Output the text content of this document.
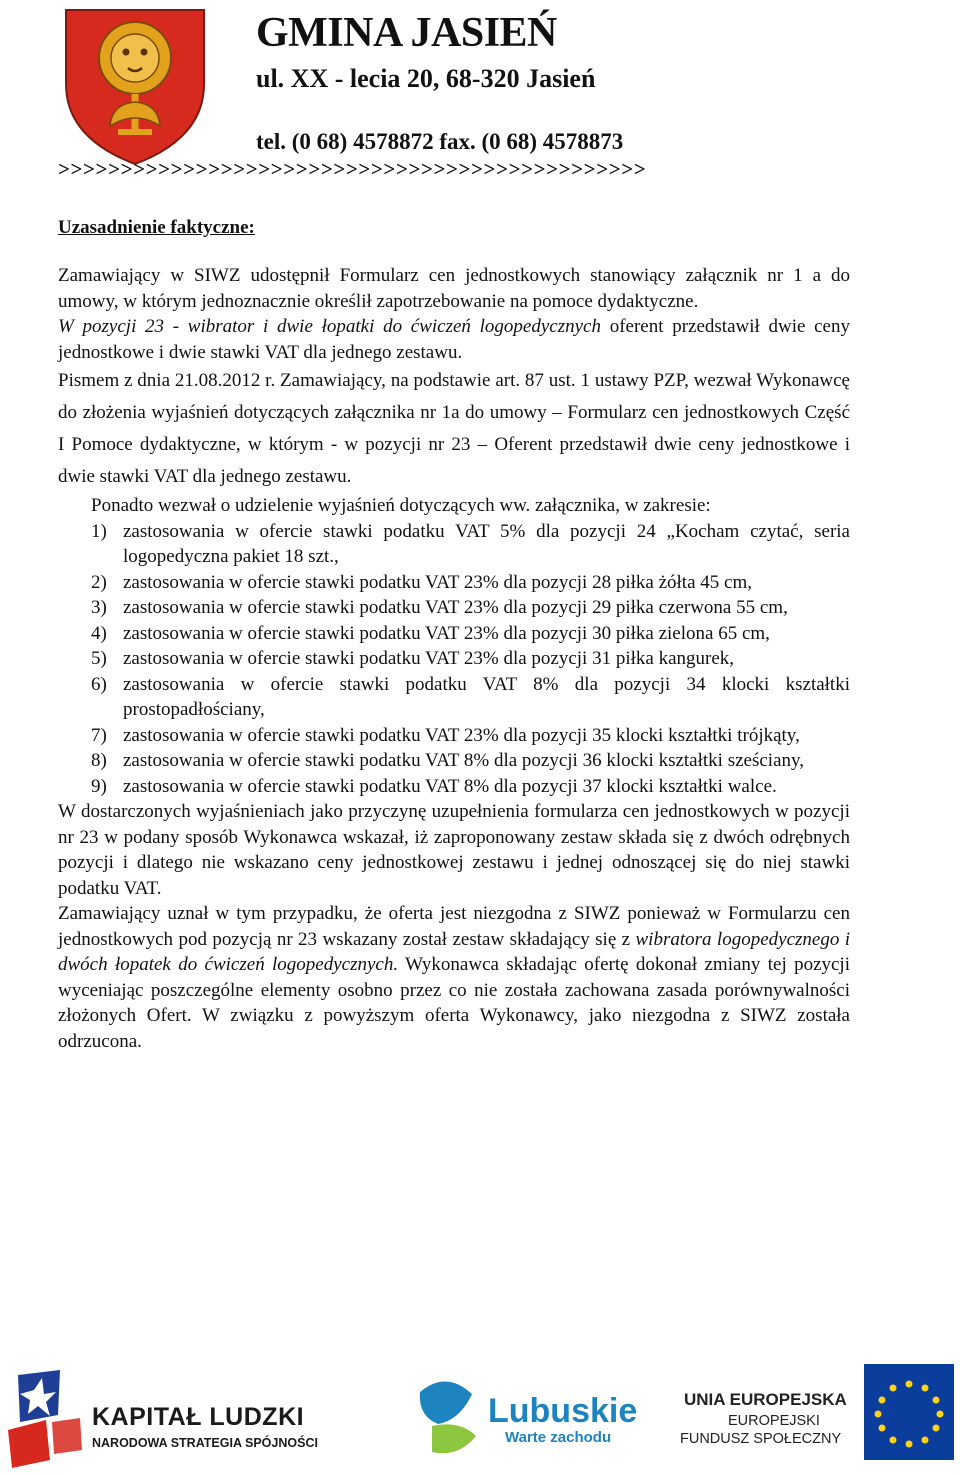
GMINA JASIEŃ
ul. XX - lecia 20, 68-320 Jasień
tel. (0 68) 4578872 fax. (0 68) 4578873
>>>>>>>>>>>>>>>>>>>>>>>>>>>>>>>>>>>>>>>>>>>>>>>
Uzasadnienie faktyczne:

Zamawiający w SIWZ udostępnił Formularz cen jednostkowych stanowiący załącznik nr 1 a do umowy, w którym jednoznacznie określił zapotrzebowanie na pomoce dydaktyczne.

W pozycji 23 - wibrator i dwie łopatki do ćwiczeń logopedycznych oferent przedstawił dwie ceny jednostkowe i dwie stawki VAT dla jednego zestawu.

Pismem z dnia 21.08.2012 r. Zamawiający, na podstawie art. 87 ust. 1 ustawy PZP, wezwał Wykonawcę do złożenia wyjaśnień dotyczących załącznika nr 1a do umowy – Formularz cen jednostkowych Część I Pomoce dydaktyczne, w którym - w pozycji nr 23 – Oferent przedstawił dwie ceny jednostkowe i dwie stawki VAT dla jednego zestawu.

Ponadto wezwał o udzielenie wyjaśnień dotyczących ww. załącznika, w zakresie:

1) zastosowania w ofercie stawki podatku VAT 5% dla pozycji 24 „Kocham czytać, seria logopedyczna pakiet 18 szt.,
2) zastosowania w ofercie stawki podatku VAT 23% dla pozycji 28 piłka żółta 45 cm,
3) zastosowania w ofercie stawki podatku VAT 23% dla pozycji 29 piłka czerwona 55 cm,
4) zastosowania w ofercie stawki podatku VAT 23% dla pozycji 30 piłka zielona 65 cm,
5) zastosowania w ofercie stawki podatku VAT 23% dla pozycji 31 piłka kangurek,
6) zastosowania w ofercie stawki podatku VAT 8% dla pozycji 34 klocki kształtki prostopadłościany,
7) zastosowania w ofercie stawki podatku VAT 23% dla pozycji 35 klocki kształtki trójkąty,
8) zastosowania w ofercie stawki podatku VAT 8% dla pozycji 36 klocki kształtki sześciany,
9) zastosowania w ofercie stawki podatku VAT 8% dla pozycji 37 klocki kształtki walce.

W dostarczonych wyjaśnieniach jako przyczynę uzupełnienia formularza cen jednostkowych w pozycji nr 23 w podany sposób Wykonawca wskazał, iż zaproponowany zestaw składa się z dwóch odrębnych pozycji i dlatego nie wskazano ceny jednostkowej zestawu i jednej odnoszącej się do niej stawki podatku VAT.

Zamawiający uznał w tym przypadku, że oferta jest niezgodna z SIWZ ponieważ w Formularzu cen jednostkowych pod pozycją nr 23 wskazany został zestaw składający się z wibratora logopedycznego i dwóch łopatek do ćwiczeń logopedycznych. Wykonawca składając ofertę dokonał zmiany tej pozycji wyceniając poszczególne elementy osobno przez co nie została zachowana zasada porównywalności złożonych Ofert. W związku z powyższym oferta Wykonawcy, jako niezgodna z SIWZ została odrzucona.

KAPITAŁ LUDZKI
NARODOWA STRATEGIA SPÓJNOŚCI
Lubuskie
Warte zachodu
UNIA EUROPEJSKA
EUROPEJSKI
FUNDUSZ SPOŁECZNY
